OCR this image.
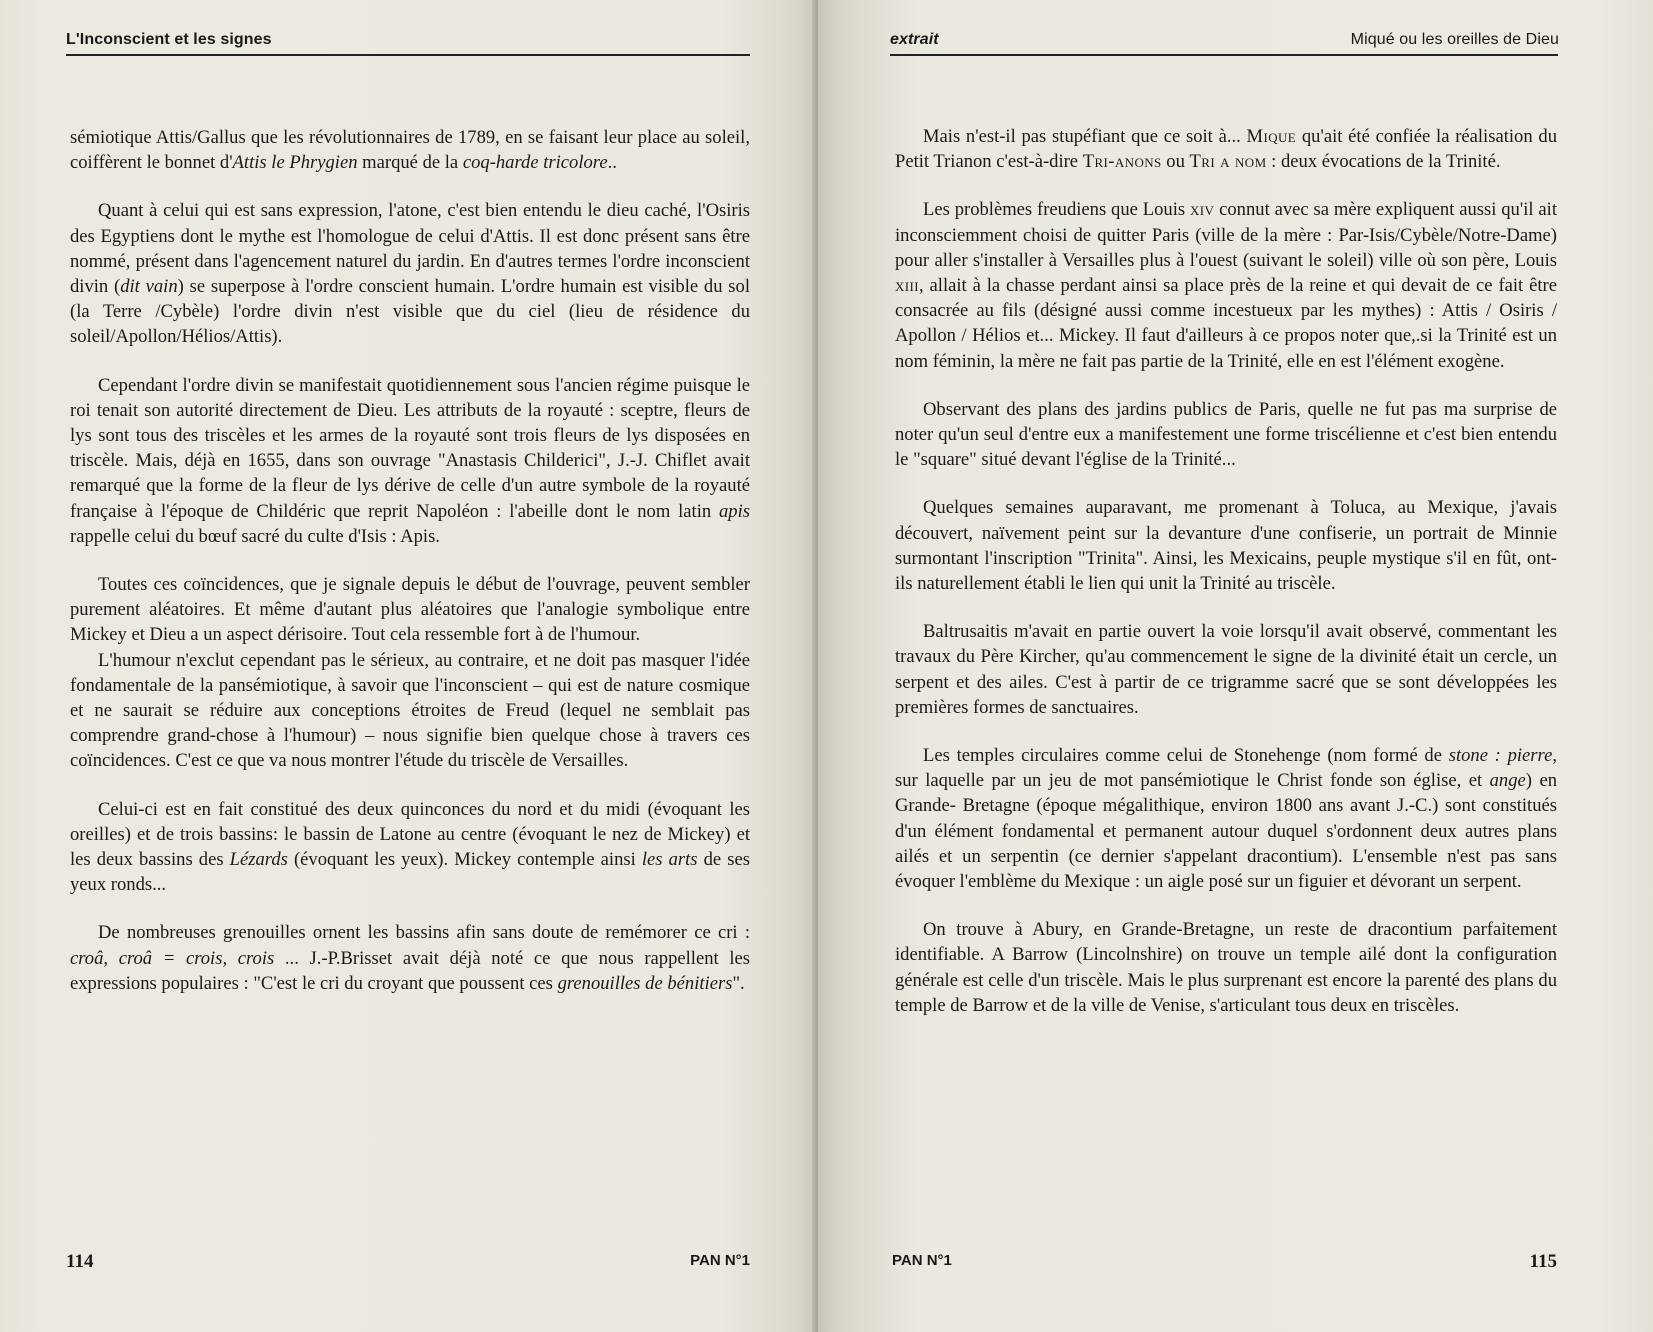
L'Inconscient et les signes

sémiotique Attis/Gallus que les révolutionnaires de 1789, en se faisant leur place au soleil, coiffèrent le bonnet d'Attis le Phrygien marqué de la coq-harde tricolore..

Quant à celui qui est sans expression, l'atone, c'est bien entendu le dieu caché, l'Osiris des Egyptiens dont le mythe est l'homologue de celui d'Attis. Il est donc présent sans être nommé, présent dans l'agencement naturel du jardin. En d'autres termes l'ordre inconscient divin (dit vain) se superpose à l'ordre conscient humain. L'ordre humain est visible du sol (la Terre /Cybèle) l'ordre divin n'est visible que du ciel (lieu de résidence du soleil/Apollon/Hélios/Attis).

Cependant l'ordre divin se manifestait quotidiennement sous l'ancien régime puisque le roi tenait son autorité directement de Dieu. Les attributs de la royauté : sceptre, fleurs de lys sont tous des triscèles et les armes de la royauté sont trois fleurs de lys disposées en triscèle. Mais, déjà en 1655, dans son ouvrage "Anastasis Childerici", J.-J. Chiflet avait remarqué que la forme de la fleur de lys dérive de celle d'un autre symbole de la royauté française à l'époque de Childéric que reprit Napoléon : l'abeille dont le nom latin apis rappelle celui du bœuf sacré du culte d'Isis : Apis.

Toutes ces coïncidences, que je signale depuis le début de l'ouvrage, peuvent sembler purement aléatoires. Et même d'autant plus aléatoires que l'analogie symbolique entre Mickey et Dieu a un aspect dérisoire. Tout cela ressemble fort à de l'humour.

L'humour n'exclut cependant pas le sérieux, au contraire, et ne doit pas masquer l'idée fondamentale de la pansémiotique, à savoir que l'inconscient – qui est de nature cosmique et ne saurait se réduire aux conceptions étroites de Freud (lequel ne semblait pas comprendre grand-chose à l'humour) – nous signifie bien quelque chose à travers ces coïncidences. C'est ce que va nous montrer l'étude du triscèle de Versailles.

Celui-ci est en fait constitué des deux quinconces du nord et du midi (évoquant les oreilles) et de trois bassins: le bassin de Latone au centre (évoquant le nez de Mickey) et les deux bassins des Lézards (évoquant les yeux). Mickey contemple ainsi les arts de ses yeux ronds...

De nombreuses grenouilles ornent les bassins afin sans doute de remémorer ce cri : croâ, croâ = crois, crois ... J.-P.Brisset avait déjà noté ce que nous rappellent les expressions populaires : "C'est le cri du croyant que poussent ces grenouilles de bénitiers".

114	PAN N°1
extrait	Miqué ou les oreilles de Dieu

Mais n'est-il pas stupéfiant que ce soit à... Mique qu'ait été confiée la réalisation du Petit Trianon c'est-à-dire Tri-anons ou Tri a nom : deux évocations de la Trinité.

Les problèmes freudiens que Louis xiv connut avec sa mère expliquent aussi qu'il ait inconsciemment choisi de quitter Paris (ville de la mère : Par-Isis/Cybèle/Notre-Dame) pour aller s'installer à Versailles plus à l'ouest (suivant le soleil) ville où son père, Louis xiii, allait à la chasse perdant ainsi sa place près de la reine et qui devait de ce fait être consacrée au fils (désigné aussi comme incestueux par les mythes) : Attis / Osiris / Apollon / Hélios et... Mickey. Il faut d'ailleurs à ce propos noter que,.si la Trinité est un nom féminin, la mère ne fait pas partie de la Trinité, elle en est l'élément exogène.

Observant des plans des jardins publics de Paris, quelle ne fut pas ma surprise de noter qu'un seul d'entre eux a manifestement une forme triscélienne et c'est bien entendu le "square" situé devant l'église de la Trinité...

Quelques semaines auparavant, me promenant à Toluca, au Mexique, j'avais découvert, naïvement peint sur la devanture d'une confiserie, un portrait de Minnie surmontant l'inscription "Trinita". Ainsi, les Mexicains, peuple mystique s'il en fût, ont-ils naturellement établi le lien qui unit la Trinité au triscèle.

Baltrusaitis m'avait en partie ouvert la voie lorsqu'il avait observé, commentant les travaux du Père Kircher, qu'au commencement le signe de la divinité était un cercle, un serpent et des ailes. C'est à partir de ce trigramme sacré que se sont développées les premières formes de sanctuaires.

Les temples circulaires comme celui de Stonehenge (nom formé de stone : pierre, sur laquelle par un jeu de mot pansémiotique le Christ fonde son église, et ange) en Grande- Bretagne (époque mégalithique, environ 1800 ans avant J.-C.) sont constitués d'un élément fondamental et permanent autour duquel s'ordonnent deux autres plans ailés et un serpentin (ce dernier s'appelant dracontium). L'ensemble n'est pas sans évoquer l'emblème du Mexique : un aigle posé sur un figuier et dévorant un serpent.

On trouve à Abury, en Grande-Bretagne, un reste de dracontium parfaitement identifiable. A Barrow (Lincolnshire) on trouve un temple ailé dont la configuration générale est celle d'un triscèle. Mais le plus surprenant est encore la parenté des plans du temple de Barrow et de la ville de Venise, s'articulant tous deux en triscèles.

PAN N°1	115
